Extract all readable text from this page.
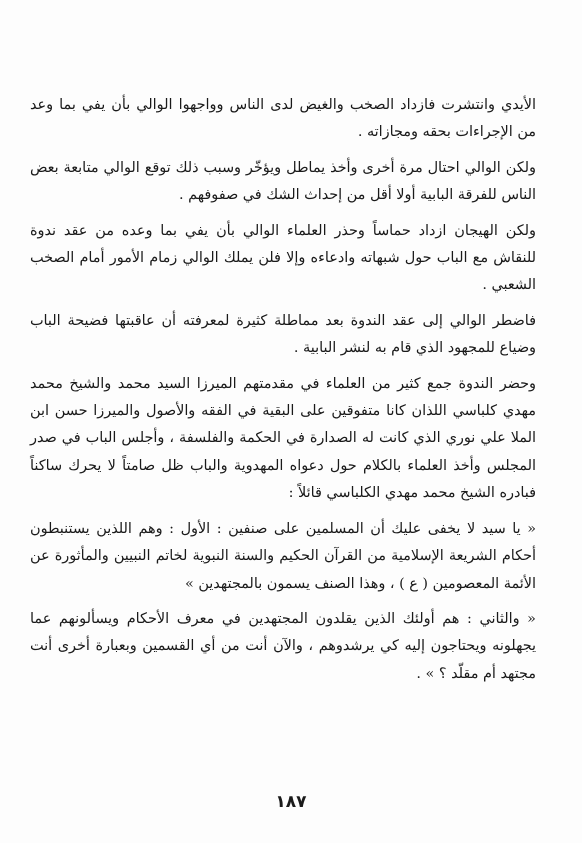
الأيدي وانتشرت فازداد الصخب والغيض لدى الناس وواجهوا الوالي بأن يفي بما وعد من الإجراءات بحقه ومجازاته .

ولكن الوالي احتال مرة أخرى وأخذ يماطل ويؤخّر وسبب ذلك توقع الوالي متابعة بعض الناس للفرقة البابية أولا أقل من إحداث الشك في صفوفهم .

ولكن الهيجان ازداد حماساً وحذر العلماء الوالي بأن يفي بما وعده من عقد ندوة للنقاش مع الباب حول شبهاته وادعاءه وإلا فلن يملك الوالي زمام الأمور أمام الصخب الشعبي .

فاضطر الوالي إلى عقد الندوة بعد مماطلة كثيرة لمعرفته أن عاقبتها فضيحة الباب وضياع للمجهود الذي قام به لنشر البابية .

وحضر الندوة جمع كثير من العلماء في مقدمتهم الميرزا السيد محمد والشيخ محمد مهدي كلباسي اللذان كانا متفوقين على البقية في الفقه والأصول والميرزا حسن ابن الملا علي نوري الذي كانت له الصدارة في الحكمة والفلسفة ، وأجلس الباب في صدر المجلس وأخذ العلماء بالكلام حول دعواه المهدوية والباب ظل صامتاً لا يحرك ساكناً فبادره الشيخ محمد مهدي الكلباسي قائلاً :

« يا سيد لا يخفى عليك أن المسلمين على صنفين : الأول : وهم اللذين يستنبطون أحكام الشريعة الإسلامية من القرآن الحكيم والسنة النبوية لخاتم النبيين والمأثورة عن الأئمة المعصومين ( ع ) ، وهذا الصنف يسمون بالمجتهدين »

« والثاني : هم أولئك الذين يقلدون المجتهدين في معرف الأحكام ويسألونهم عما يجهلونه ويحتاجون إليه كي يرشدوهم ، والآن أنت من أي القسمين وبعبارة أخرى أنت مجتهد أم مقلّد ؟ » .

١٨٧
